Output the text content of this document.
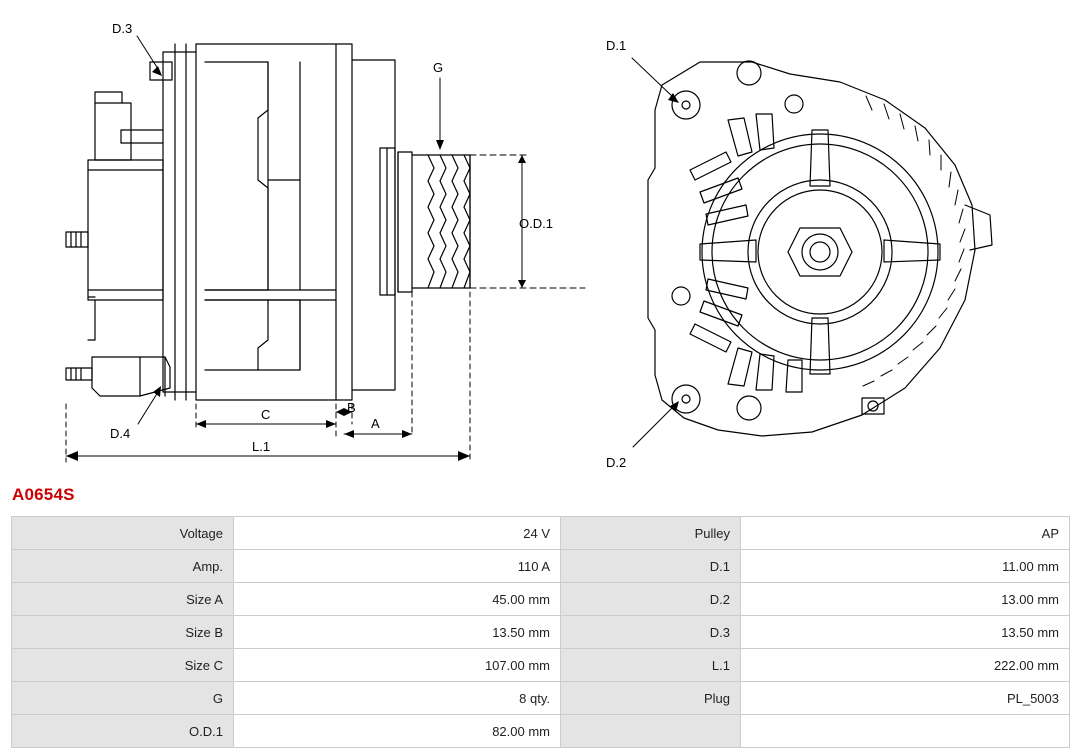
D.3
D.4
G
O.D.1
A
B
C
L.1
D.1
D.2
A0654S
Voltage	24 V	Pulley	AP
Amp.	110 A	D.1	11.00 mm
Size A	45.00 mm	D.2	13.00 mm
Size B	13.50 mm	D.3	13.50 mm
Size C	107.00 mm	L.1	222.00 mm
G	8 qty.	Plug	PL_5003
O.D.1	82.00 mm		
